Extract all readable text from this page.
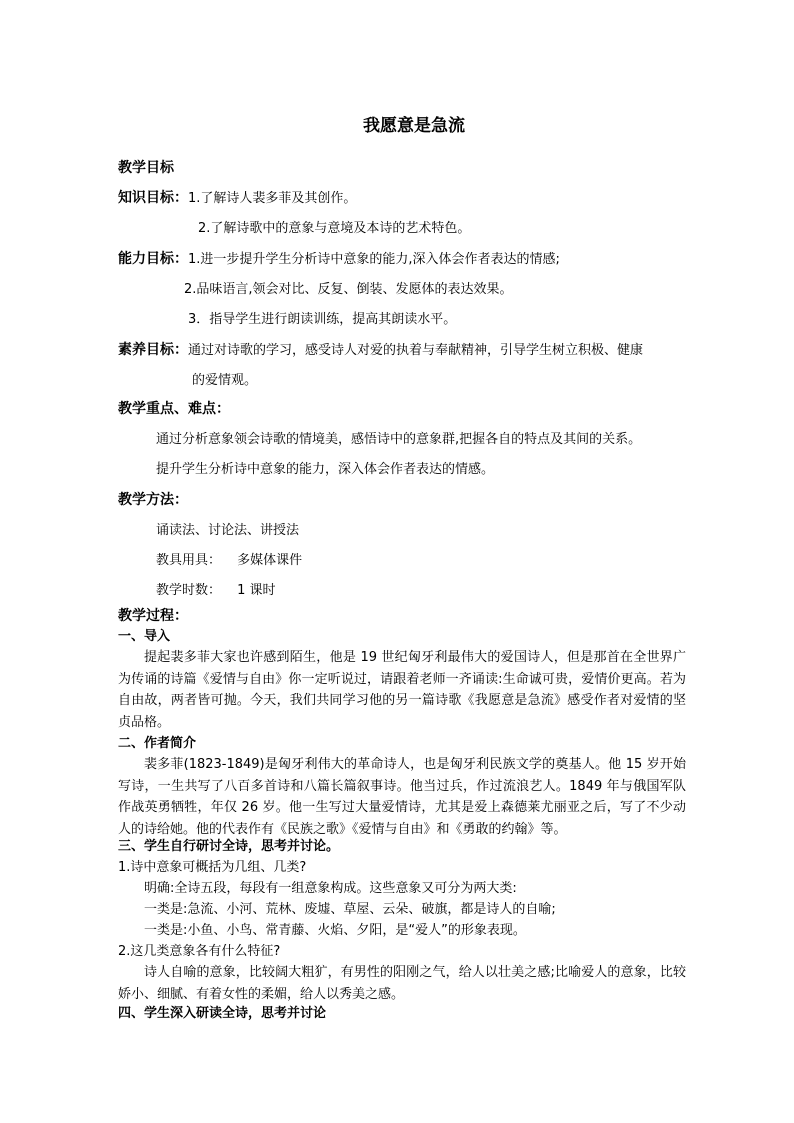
我愿意是急流
教学目标
知识目标：1.了解诗人裴多菲及其创作。
2.了解诗歌中的意象与意境及本诗的艺术特色。
能力目标：1.进一步提升学生分析诗中意象的能力,深入体会作者表达的情感;
2.品味语言,领会对比、反复、倒装、发愿体的表达效果。
3．指导学生进行朗读训练，提高其朗读水平。
素养目标：通过对诗歌的学习，感受诗人对爱的执着与奉献精神，引导学生树立积极、健康
的爱情观。
教学重点、难点：
通过分析意象领会诗歌的情境美，感悟诗中的意象群,把握各自的特点及其间的关系。
提升学生分析诗中意象的能力，深入体会作者表达的情感。
教学方法：
诵读法、讨论法、讲授法
教具用具： 多媒体课件
教学时数： 1 课时
教学过程：
一、导入

提起裴多菲大家也许感到陌生，他是 19 世纪匈牙利最伟大的爱国诗人，但是那首在全世界广为传诵的诗篇《爱情与自由》你一定听说过，请跟着老师一齐诵读:生命诚可贵，爱情价更高。若为自由故，两者皆可抛。今天，我们共同学习他的另一篇诗歌《我愿意是急流》感受作者对爱情的坚贞品格。

二、作者简介

裴多菲(1823-1849)是匈牙利伟大的革命诗人，也是匈牙利民族文学的奠基人。他 15 岁开始写诗，一生共写了八百多首诗和八篇长篇叙事诗。他当过兵，作过流浪艺人。1849 年与俄国军队作战英勇牺牲，年仅 26 岁。他一生写过大量爱情诗，尤其是爱上森德莱尤丽亚之后，写了不少动人的诗给她。他的代表作有《民族之歌》《爱情与自由》和《勇敢的约翰》等。

三、学生自行研讨全诗，思考并讨论。
1.诗中意象可概括为几组、几类?
明确:全诗五段，每段有一组意象构成。这些意象又可分为两大类:
一类是:急流、小河、荒林、废墟、草屋、云朵、破旗，都是诗人的自喻;
一类是:小鱼、小鸟、常青藤、火焰、夕阳，是“爱人”的形象表现。
2.这几类意象各有什么特征?

诗人自喻的意象，比较阔大粗犷，有男性的阳刚之气，给人以壮美之感;比喻爱人的意象，比较娇小、细腻、有着女性的柔媚，给人以秀美之感。

四、学生深入研读全诗，思考并讨论
